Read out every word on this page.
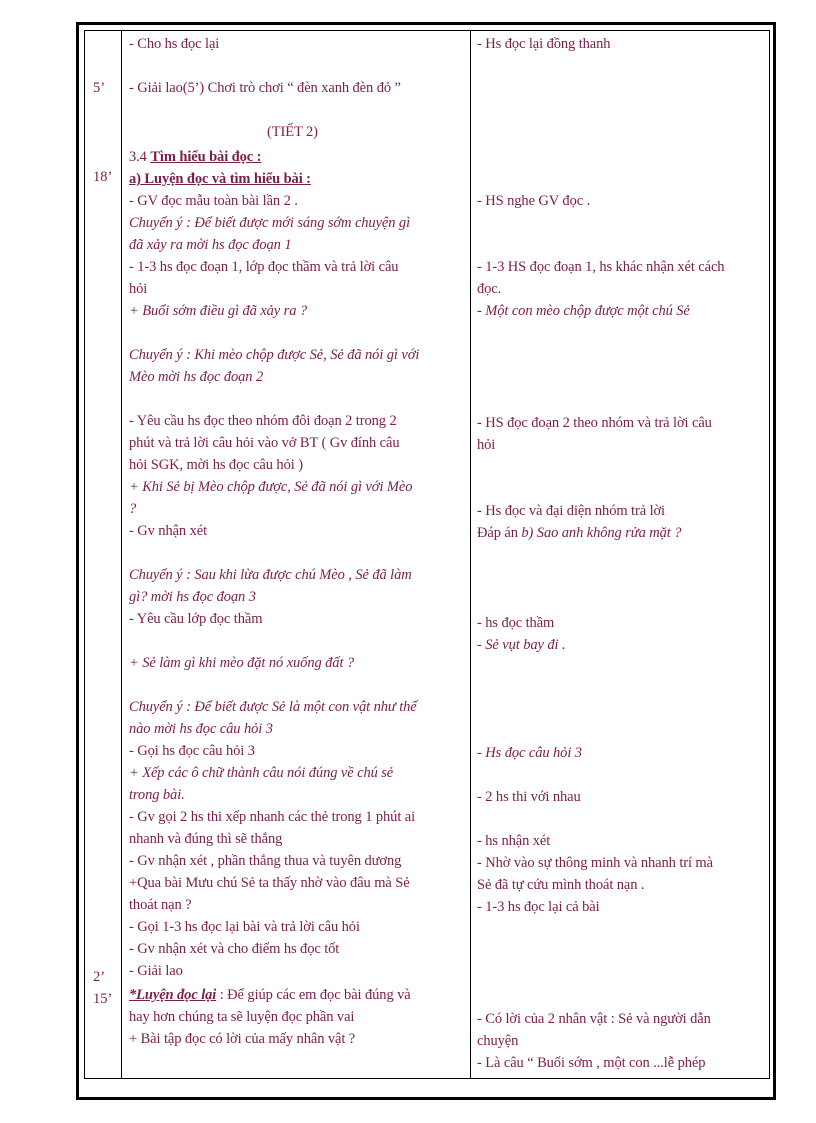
5’
18’
2’
15’
- Cho hs đọc lại
- Giải lao(5’) Chơi trò chơi “ đèn xanh đèn đỏ ”
(TIẾT 2)
3.4 Tìm hiểu bài đọc :
a) Luyện đọc và tìm hiểu bài :
- GV đọc mẫu toàn bài lần 2 .
Chuyển ý : Để biết được mới sáng sớm chuyện gì
đã xảy ra mời hs đọc đoạn 1
- 1-3 hs đọc đoạn 1, lớp đọc thầm và trả lời câu
hỏi
+ Buổi sớm điều gì đã xảy ra ?
Chuyển ý : Khi mèo chộp được Sẻ, Sẻ đã nói gì với
Mèo mời hs đọc đoạn 2
- Yêu cầu hs đọc theo nhóm đôi đoạn 2 trong 2
phút và trả lời câu hỏi vào vở BT ( Gv đính câu
hỏi SGK, mời hs đọc câu hỏi )
+ Khi Sẻ bị Mèo chộp được, Sẻ đã nói gì với Mèo
?
- Gv nhận xét
Chuyển ý : Sau khi lừa được chú Mèo , Sẻ đã làm
gì? mời hs đọc đoạn 3
- Yêu cầu lớp đọc thầm
+ Sẻ làm gì khi mèo đặt nó xuống đất ?
Chuyển ý : Để biết được Sẻ là một con vật như thế
nào mời hs đọc câu hỏi 3
- Gọi hs đọc câu hỏi 3
+ Xếp các ô chữ thành câu nói đúng về chú sẻ
trong bài.
- Gv gọi 2 hs thi xếp nhanh các thẻ trong 1 phút ai
nhanh và đúng thì sẽ thắng
- Gv nhận xét , phần thắng thua và tuyên dương
+Qua bài Mưu chú Sẻ ta thấy nhờ vào đâu mà Sẻ
thoát nạn ?
- Gọi 1-3 hs đọc lại bài và trả lời câu hỏi
- Gv nhận xét và cho điểm hs đọc tốt
- Giải lao
*Luyện đọc lại : Để giúp các em đọc bài đúng và
hay hơn chúng ta sẽ luyện đọc phần vai
+ Bài tập đọc có lời của mấy nhân vật ?
- Hs đọc lại đồng thanh
- HS nghe GV đọc .
- 1-3 HS đọc đoạn 1, hs khác nhận xét cách
đọc.
- Một con mèo chộp được một chú Sẻ
- HS đọc đoạn 2 theo nhóm và trả lời câu
hỏi
- Hs đọc và đại diện nhóm trả lời
Đáp án b) Sao anh không rửa mặt ?
- hs đọc thầm
- Sẻ vụt bay đi .
- Hs đọc câu hỏi 3
- 2 hs thi với nhau
- hs nhận xét
- Nhờ vào sự thông minh và nhanh trí mà
Sẻ đã tự cứu mình thoát nạn .
- 1-3 hs đọc lại cả bài
- Có lời của 2 nhân vật : Sẻ và người dẫn
chuyện
- Là câu “ Buổi sớm , một con ...lễ phép
